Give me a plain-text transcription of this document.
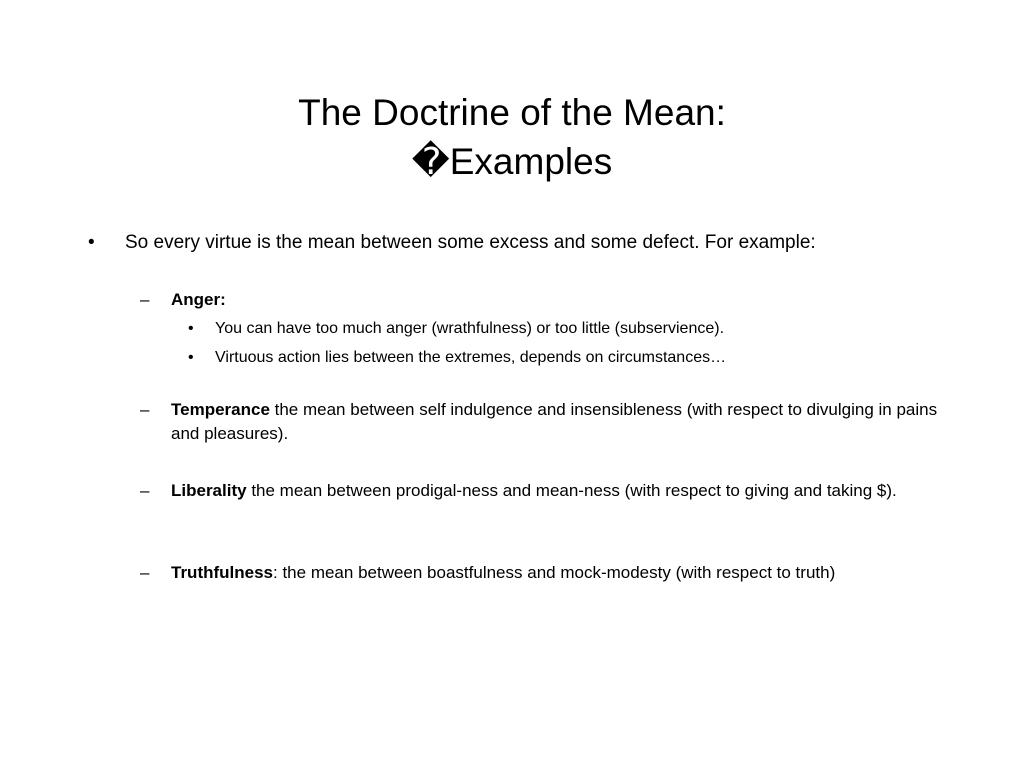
The Doctrine of the Mean:
�Examples
• So every virtue is the mean between some excess and some defect. For example:
– Anger:
• You can have too much anger (wrathfulness) or too little (subservience).
• Virtuous action lies between the extremes, depends on circumstances…
– Temperance the mean between self indulgence and insensibleness (with respect to divulging in pains and pleasures).
– Liberality the mean between prodigal-ness and mean-ness (with respect to giving and taking $).
– Truthfulness: the mean between boastfulness and mock-modesty (with respect to truth)
